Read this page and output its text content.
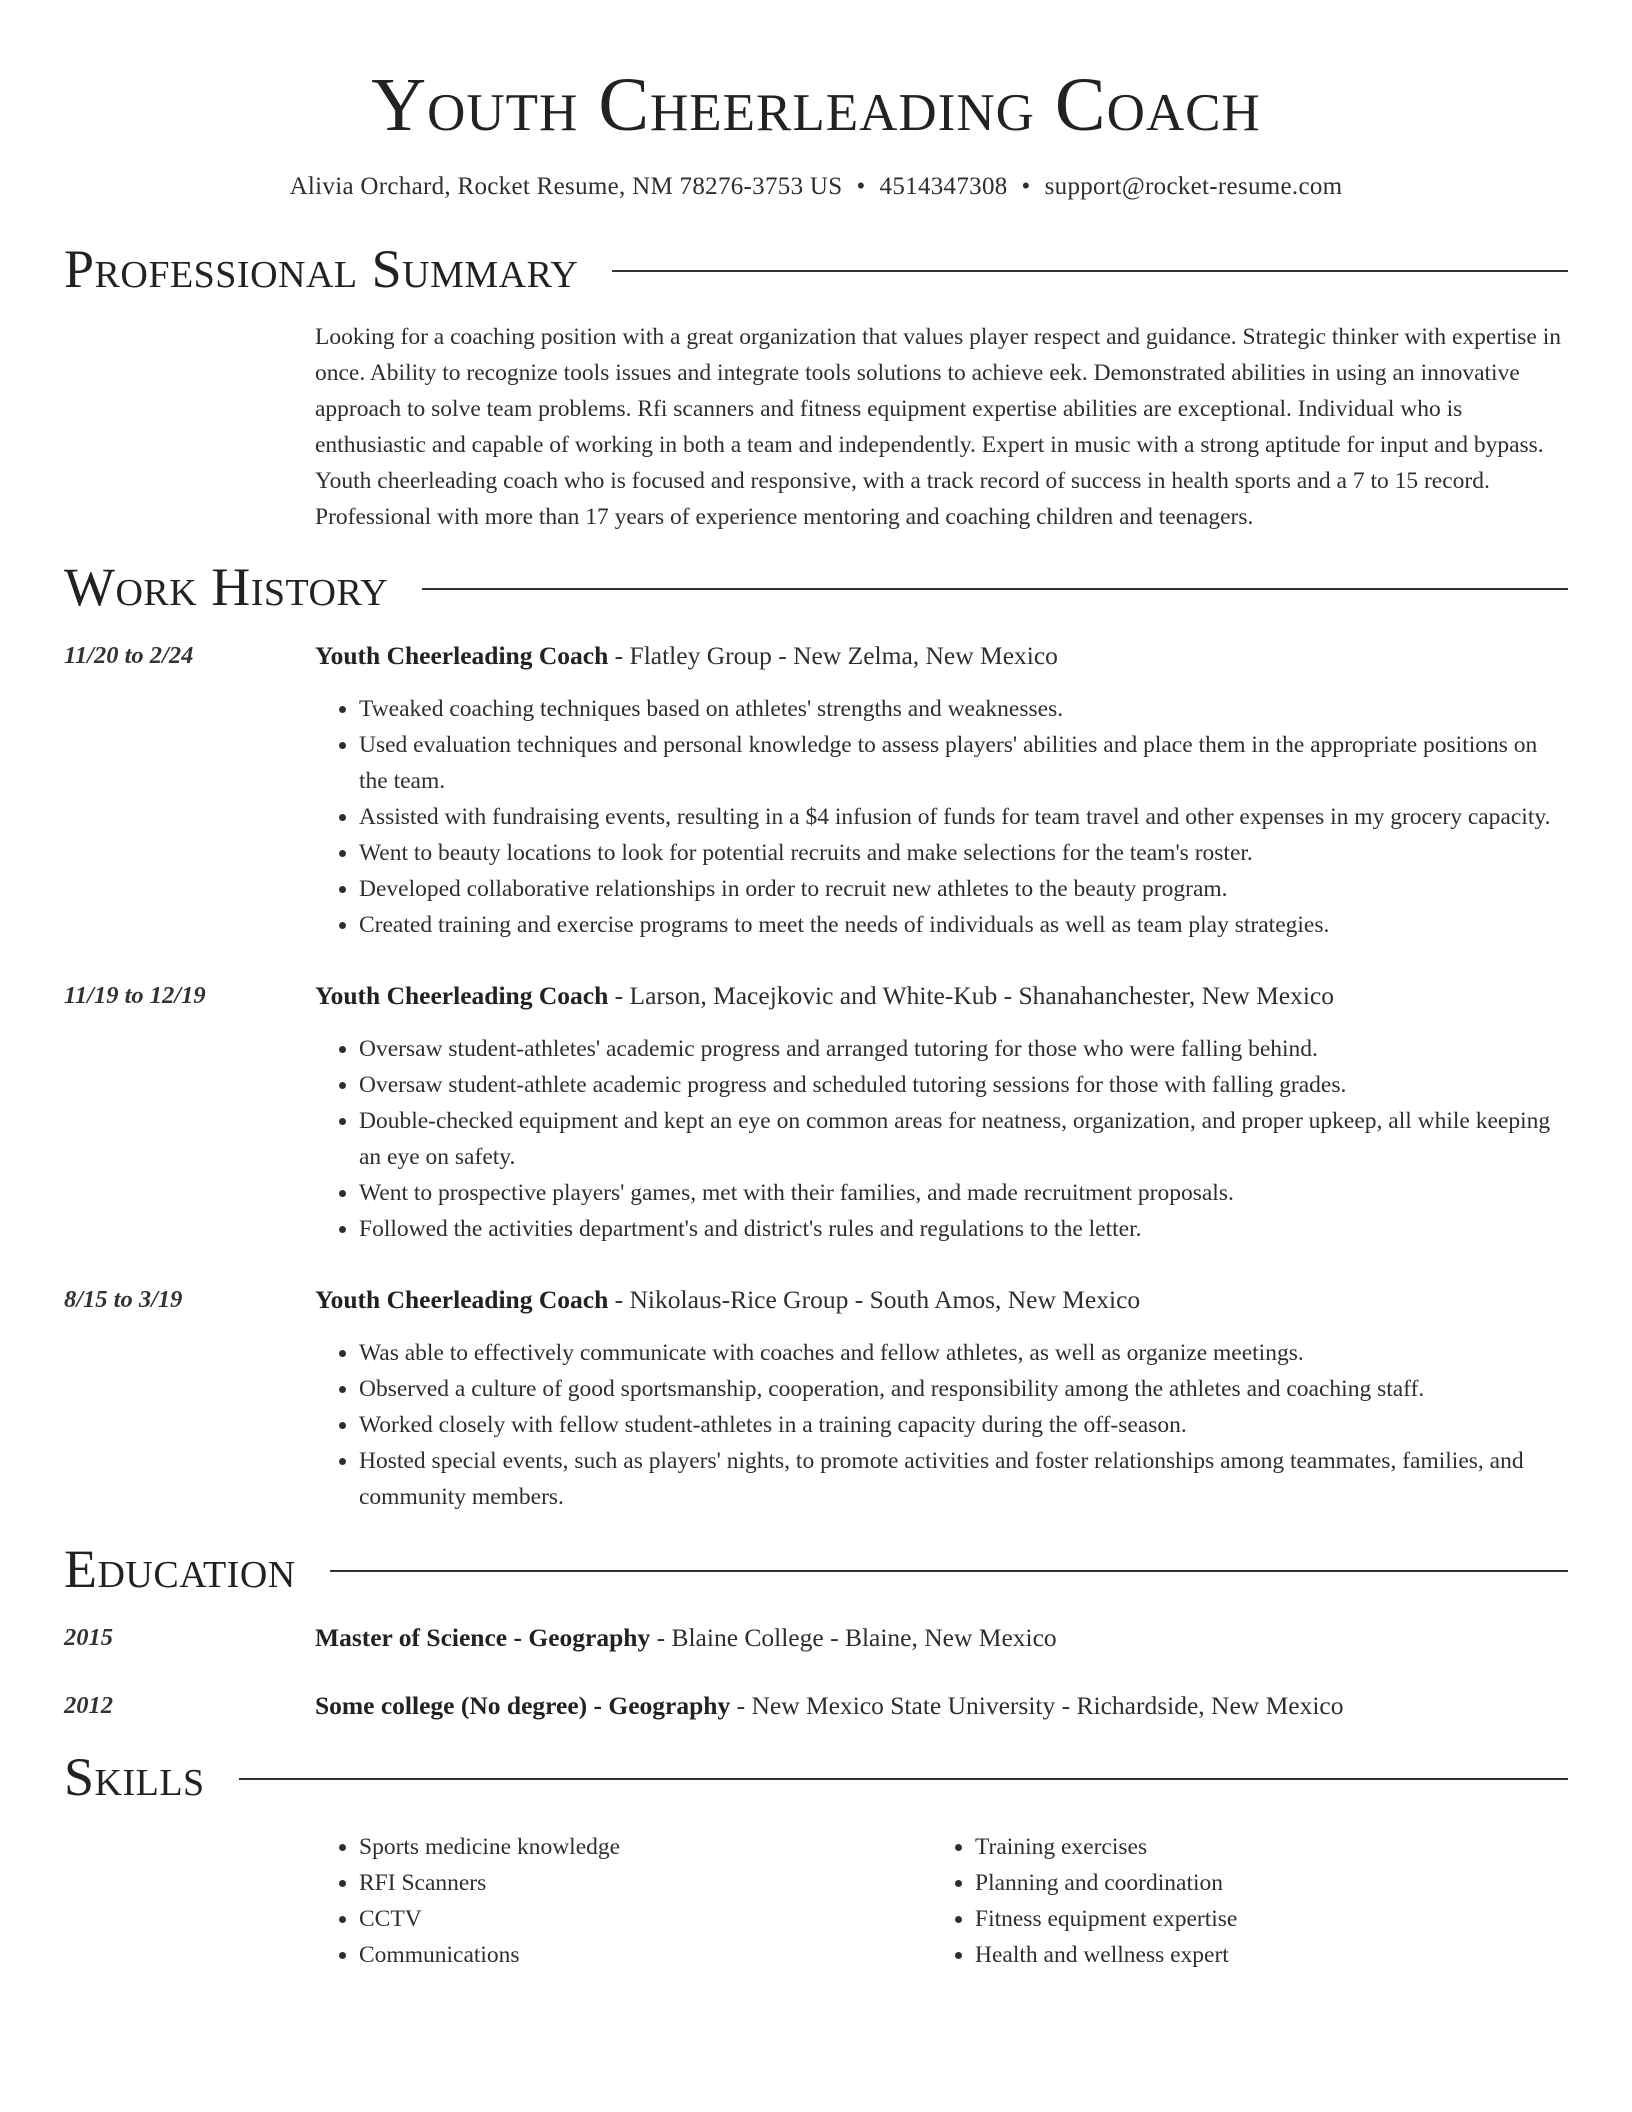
Youth Cheerleading Coach
Alivia Orchard, Rocket Resume, NM 78276-3753 US • 4514347308 • support@rocket-resume.com
Professional Summary
Looking for a coaching position with a great organization that values player respect and guidance. Strategic thinker with expertise in once. Ability to recognize tools issues and integrate tools solutions to achieve eek. Demonstrated abilities in using an innovative approach to solve team problems. Rfi scanners and fitness equipment expertise abilities are exceptional. Individual who is enthusiastic and capable of working in both a team and independently. Expert in music with a strong aptitude for input and bypass. Youth cheerleading coach who is focused and responsive, with a track record of success in health sports and a 7 to 15 record. Professional with more than 17 years of experience mentoring and coaching children and teenagers.
Work History
11/20 to 2/24	Youth Cheerleading Coach - Flatley Group - New Zelma, New Mexico
• Tweaked coaching techniques based on athletes' strengths and weaknesses.
• Used evaluation techniques and personal knowledge to assess players' abilities and place them in the appropriate positions on the team.
• Assisted with fundraising events, resulting in a $4 infusion of funds for team travel and other expenses in my grocery capacity.
• Went to beauty locations to look for potential recruits and make selections for the team's roster.
• Developed collaborative relationships in order to recruit new athletes to the beauty program.
• Created training and exercise programs to meet the needs of individuals as well as team play strategies.
11/19 to 12/19	Youth Cheerleading Coach - Larson, Macejkovic and White-Kub - Shanahanchester, New Mexico
• Oversaw student-athletes' academic progress and arranged tutoring for those who were falling behind.
• Oversaw student-athlete academic progress and scheduled tutoring sessions for those with falling grades.
• Double-checked equipment and kept an eye on common areas for neatness, organization, and proper upkeep, all while keeping an eye on safety.
• Went to prospective players' games, met with their families, and made recruitment proposals.
• Followed the activities department's and district's rules and regulations to the letter.
8/15 to 3/19	Youth Cheerleading Coach - Nikolaus-Rice Group - South Amos, New Mexico
• Was able to effectively communicate with coaches and fellow athletes, as well as organize meetings.
• Observed a culture of good sportsmanship, cooperation, and responsibility among the athletes and coaching staff.
• Worked closely with fellow student-athletes in a training capacity during the off-season.
• Hosted special events, such as players' nights, to promote activities and foster relationships among teammates, families, and community members.
Education
2015	Master of Science - Geography - Blaine College - Blaine, New Mexico
2012	Some college (No degree) - Geography - New Mexico State University - Richardside, New Mexico
Skills
• Sports medicine knowledge
• RFI Scanners
• CCTV
• Communications
• Training exercises
• Planning and coordination
• Fitness equipment expertise
• Health and wellness expert
